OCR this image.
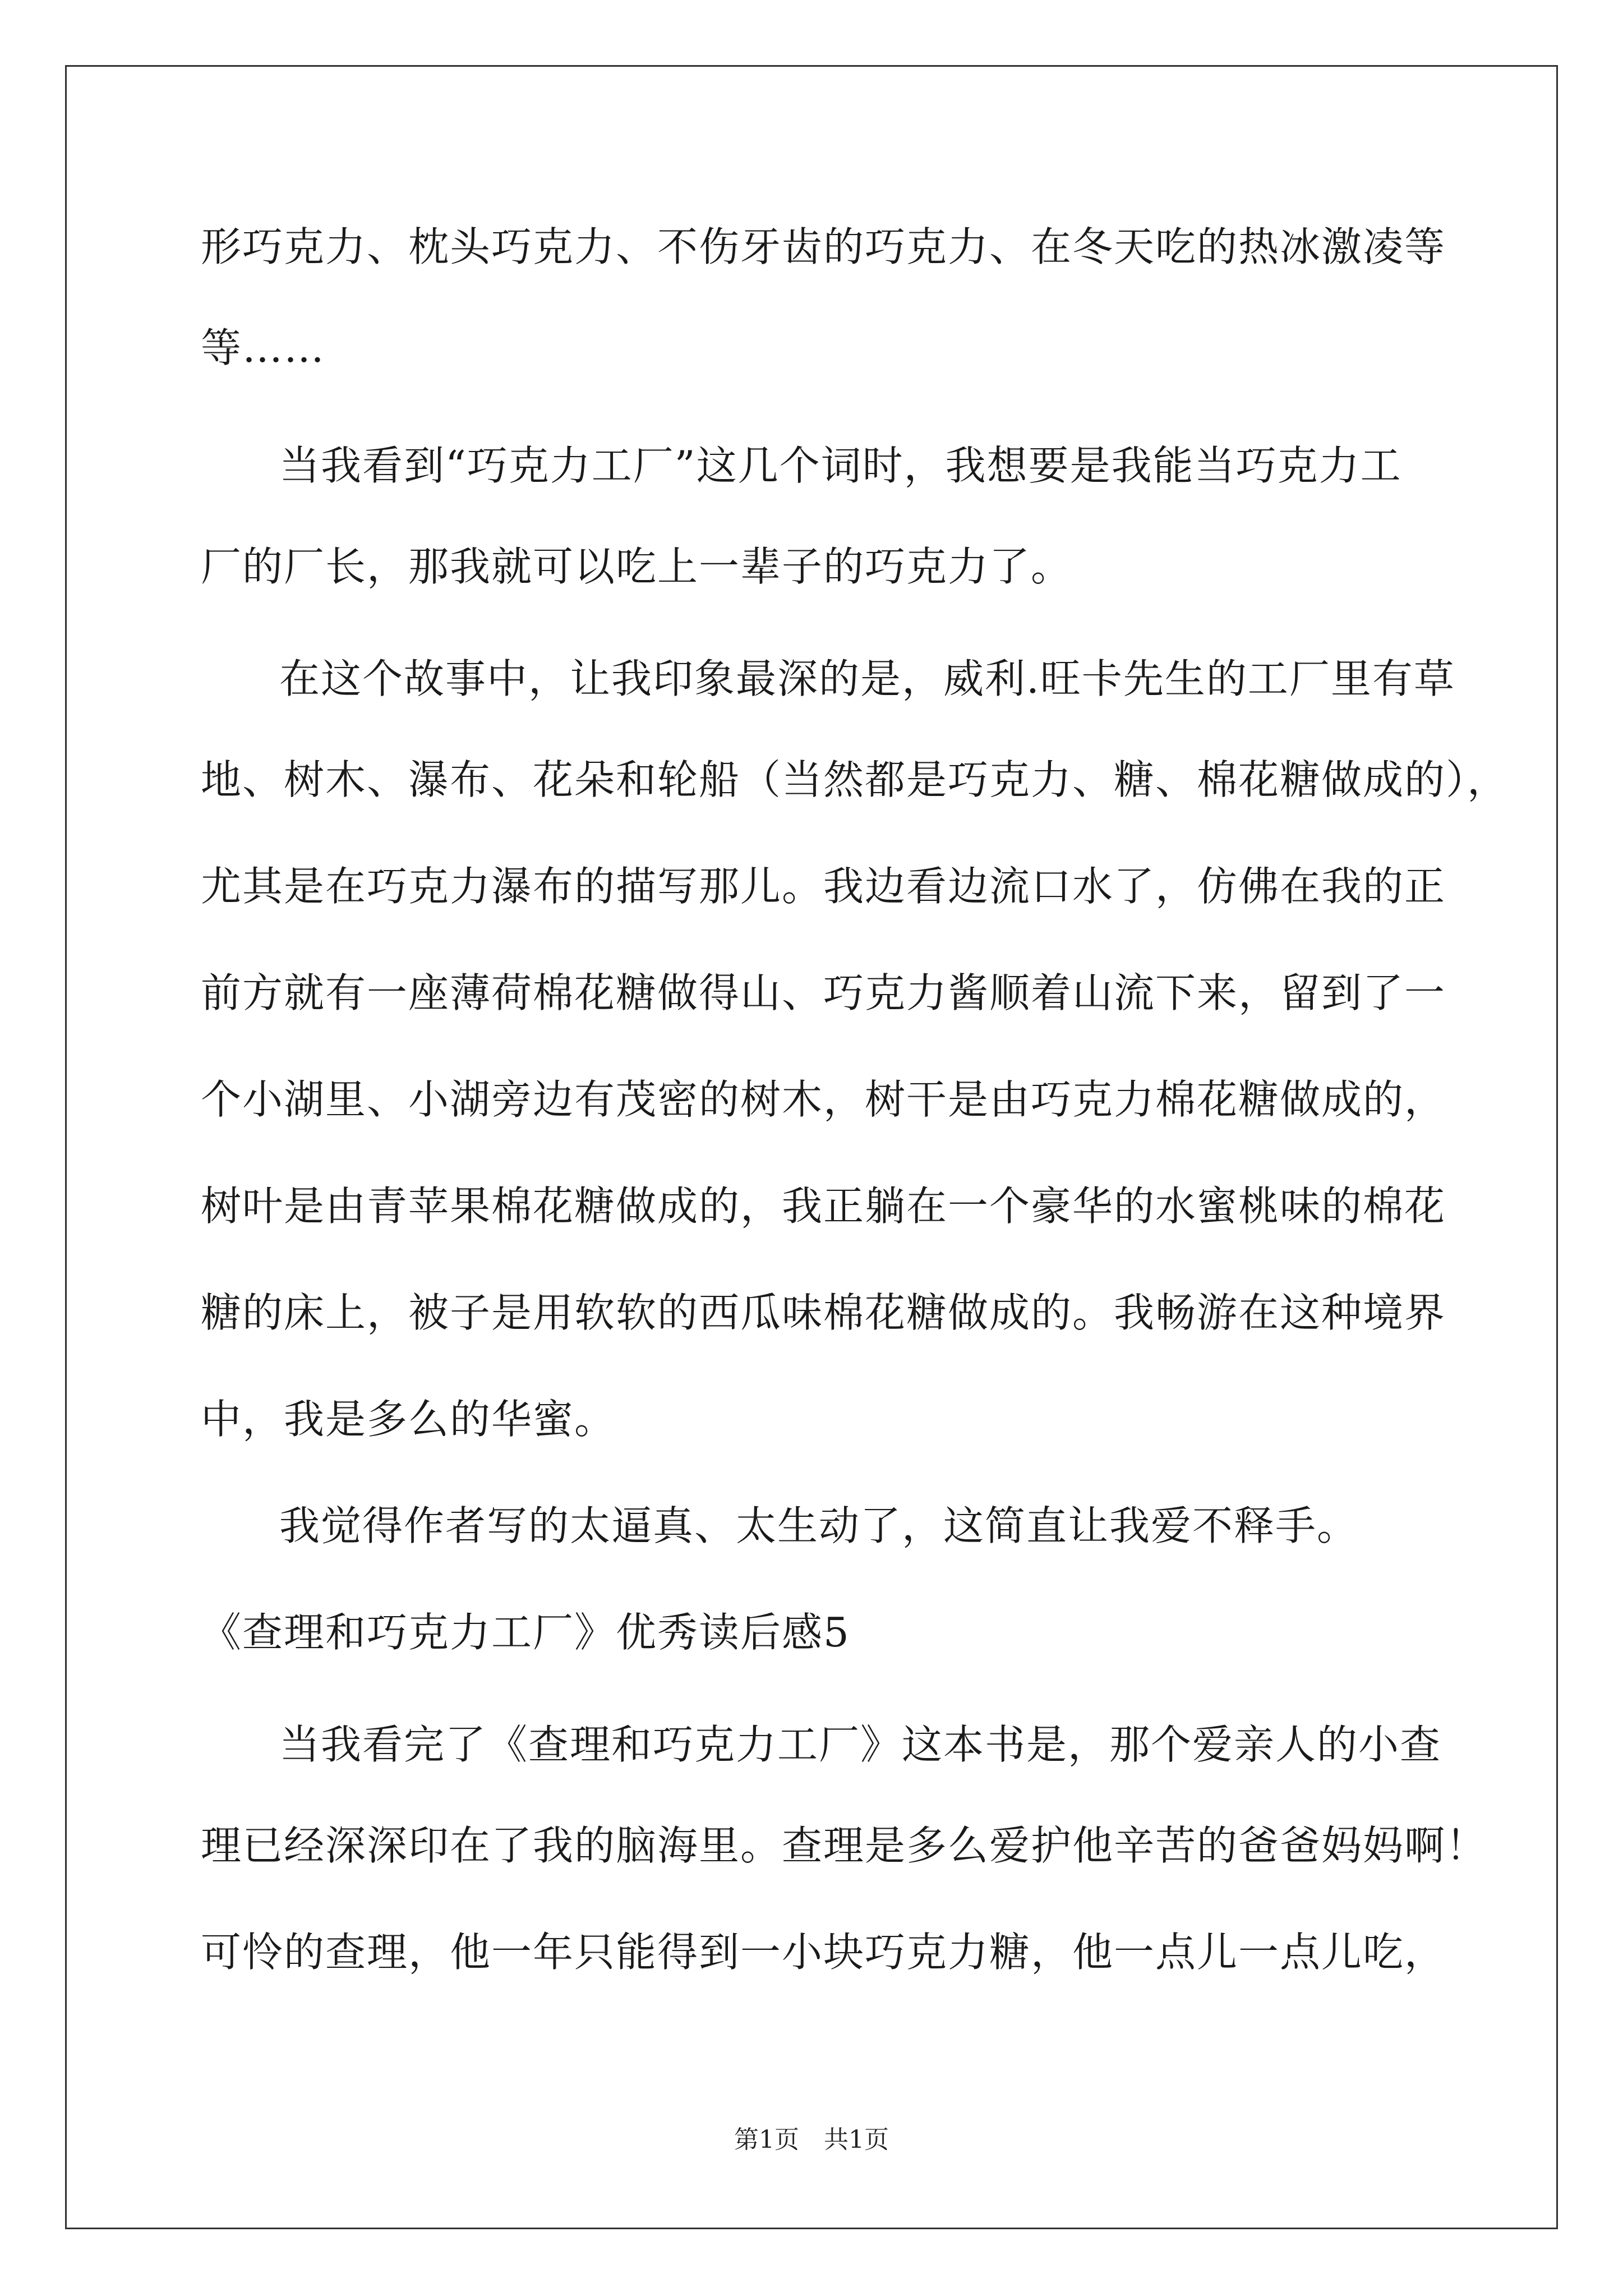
形巧克力、枕头巧克力、不伤牙齿的巧克力、在冬天吃的热冰激凌等
等……
当我看到“巧克力工厂”这几个词时，我想要是我能当巧克力工
厂的厂长，那我就可以吃上一辈子的巧克力了。
在这个故事中，让我印象最深的是，威利.旺卡先生的工厂里有草
地、树木、瀑布、花朵和轮船（当然都是巧克力、糖、棉花糖做成的），
尤其是在巧克力瀑布的描写那儿。我边看边流口水了，仿佛在我的正
前方就有一座薄荷棉花糖做得山、巧克力酱顺着山流下来，留到了一
个小湖里、小湖旁边有茂密的树木，树干是由巧克力棉花糖做成的，
树叶是由青苹果棉花糖做成的，我正躺在一个豪华的水蜜桃味的棉花
糖的床上，被子是用软软的西瓜味棉花糖做成的。我畅游在这种境界
中，我是多么的华蜜。
我觉得作者写的太逼真、太生动了，这简直让我爱不释手。
《查理和巧克力工厂》优秀读后感5
当我看完了《查理和巧克力工厂》这本书是，那个爱亲人的小查
理已经深深印在了我的脑海里。查理是多么爱护他辛苦的爸爸妈妈啊！
可怜的查理，他一年只能得到一小块巧克力糖，他一点儿一点儿吃，
第1页　共1页
